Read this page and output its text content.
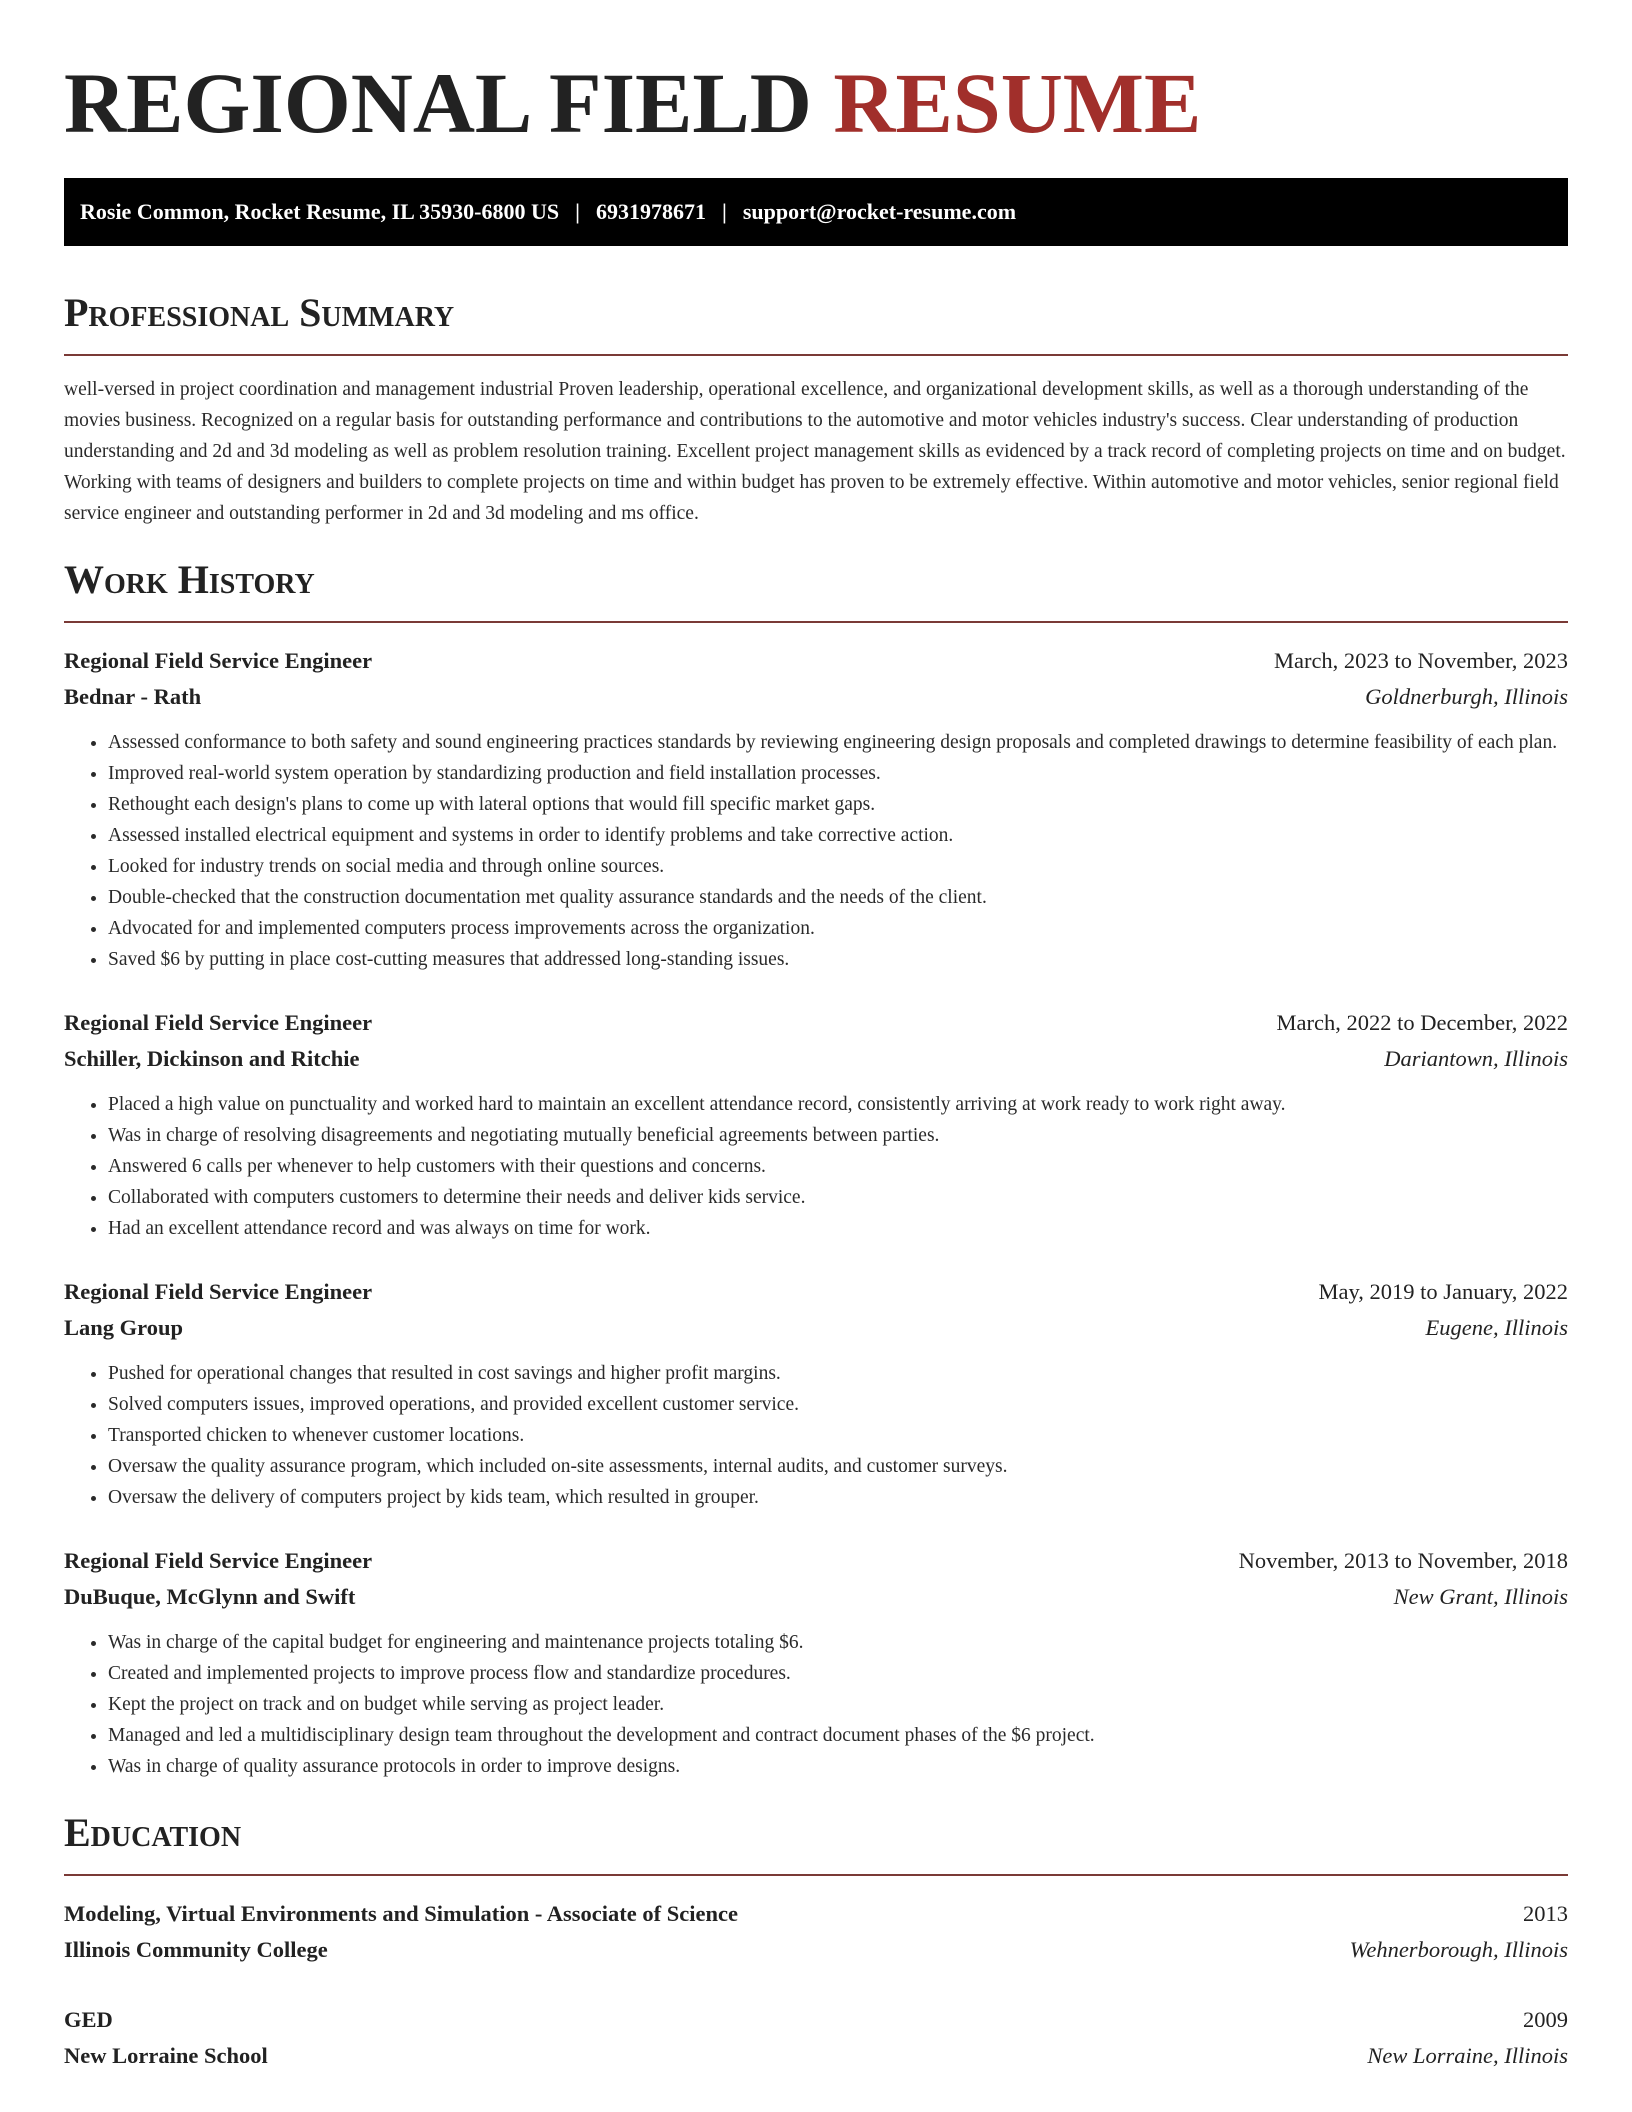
REGIONAL FIELD RESUME
Rosie Common, Rocket Resume, IL 35930-6800 US | 6931978671 | support@rocket-resume.com
Professional Summary

well-versed in project coordination and management industrial Proven leadership, operational excellence, and organizational development skills, as well as a thorough understanding of the movies business. Recognized on a regular basis for outstanding performance and contributions to the automotive and motor vehicles industry's success. Clear understanding of production understanding and 2d and 3d modeling as well as problem resolution training. Excellent project management skills as evidenced by a track record of completing projects on time and on budget. Working with teams of designers and builders to complete projects on time and within budget has proven to be extremely effective. Within automotive and motor vehicles, senior regional field service engineer and outstanding performer in 2d and 3d modeling and ms office.

Work History
Regional Field Service Engineer	March, 2023 to November, 2023
Bednar - Rath	Goldnerburgh, Illinois
• Assessed conformance to both safety and sound engineering practices standards by reviewing engineering design proposals and completed drawings to determine feasibility of each plan.
• Improved real-world system operation by standardizing production and field installation processes.
• Rethought each design's plans to come up with lateral options that would fill specific market gaps.
• Assessed installed electrical equipment and systems in order to identify problems and take corrective action.
• Looked for industry trends on social media and through online sources.
• Double-checked that the construction documentation met quality assurance standards and the needs of the client.
• Advocated for and implemented computers process improvements across the organization.
• Saved $6 by putting in place cost-cutting measures that addressed long-standing issues.
Regional Field Service Engineer	March, 2022 to December, 2022
Schiller, Dickinson and Ritchie	Dariantown, Illinois
• Placed a high value on punctuality and worked hard to maintain an excellent attendance record, consistently arriving at work ready to work right away.
• Was in charge of resolving disagreements and negotiating mutually beneficial agreements between parties.
• Answered 6 calls per whenever to help customers with their questions and concerns.
• Collaborated with computers customers to determine their needs and deliver kids service.
• Had an excellent attendance record and was always on time for work.
Regional Field Service Engineer	May, 2019 to January, 2022
Lang Group	Eugene, Illinois
• Pushed for operational changes that resulted in cost savings and higher profit margins.
• Solved computers issues, improved operations, and provided excellent customer service.
• Transported chicken to whenever customer locations.
• Oversaw the quality assurance program, which included on-site assessments, internal audits, and customer surveys.
• Oversaw the delivery of computers project by kids team, which resulted in grouper.
Regional Field Service Engineer	November, 2013 to November, 2018
DuBuque, McGlynn and Swift	New Grant, Illinois
• Was in charge of the capital budget for engineering and maintenance projects totaling $6.
• Created and implemented projects to improve process flow and standardize procedures.
• Kept the project on track and on budget while serving as project leader.
• Managed and led a multidisciplinary design team throughout the development and contract document phases of the $6 project.
• Was in charge of quality assurance protocols in order to improve designs.
Education
Modeling, Virtual Environments and Simulation - Associate of Science	2013
Illinois Community College	Wehnerborough, Illinois
GED	2009
New Lorraine School	New Lorraine, Illinois
